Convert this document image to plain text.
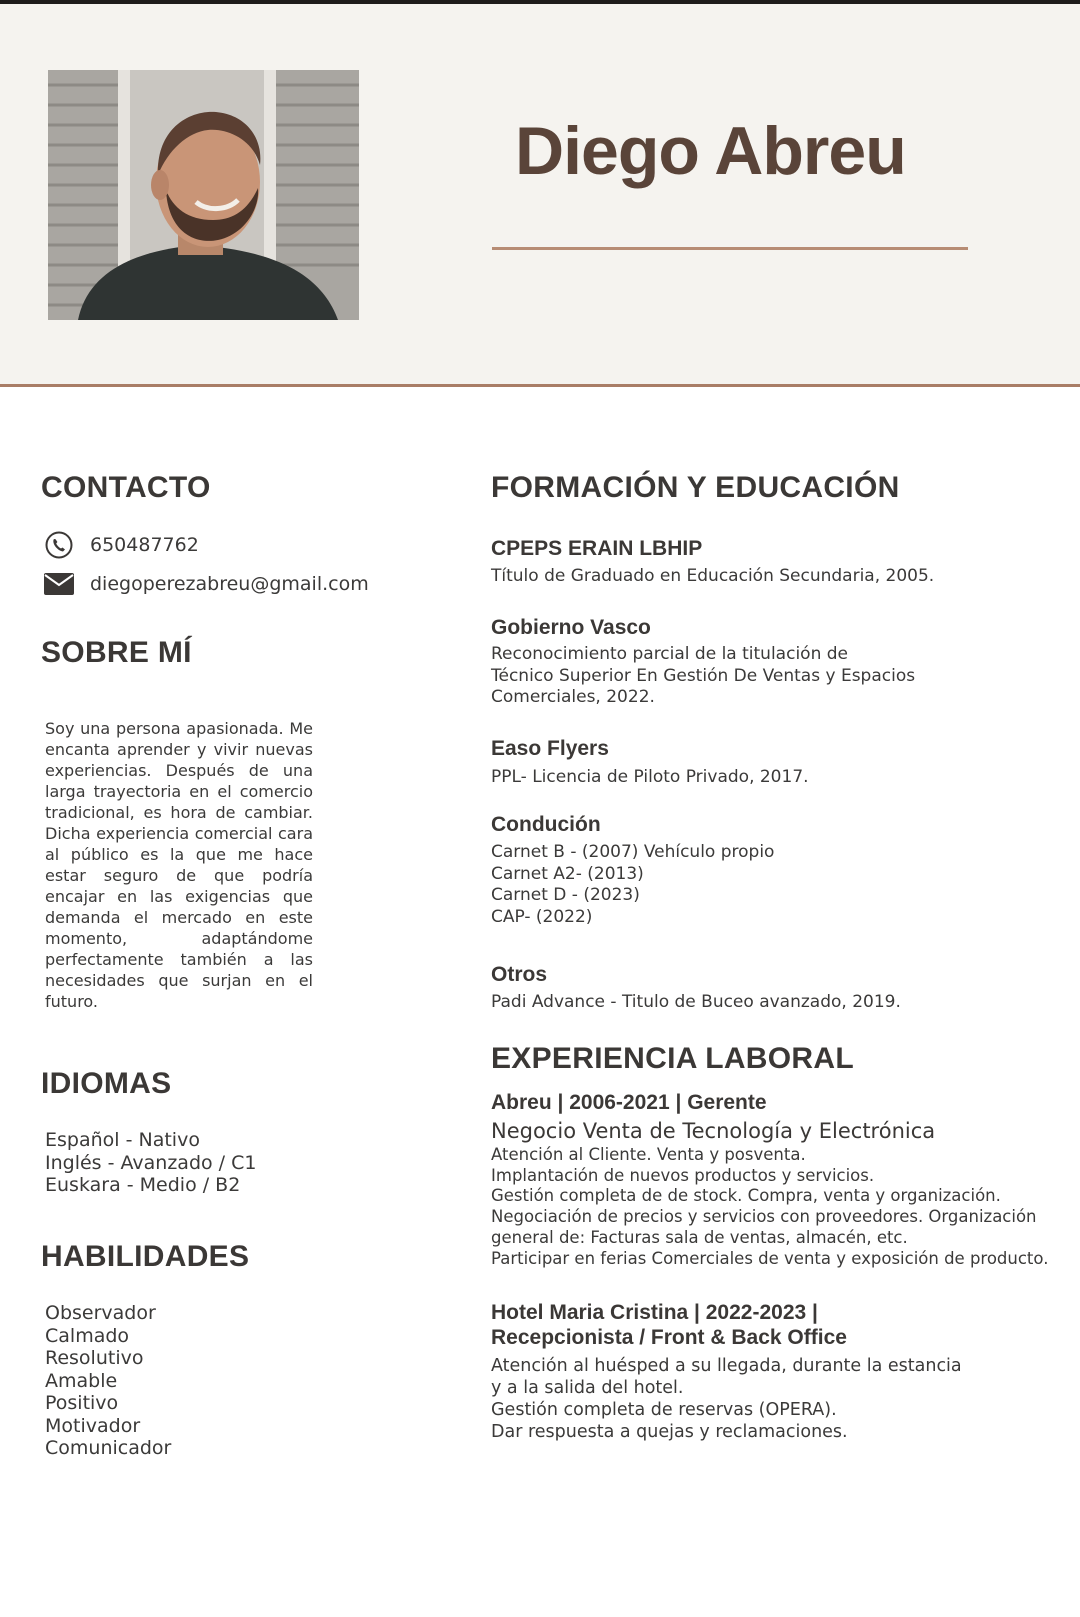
Diego Abreu
CONTACTO
650487762
diegoperezabreu@gmail.com
SOBRE MÍ

Soy una persona apasionada. Me encanta aprender y vivir nuevas experiencias. Después de una larga trayectoria en el comercio tradicional, es hora de cambiar. Dicha experiencia comercial cara al público es la que me hace estar seguro de que podría encajar en las exigencias que demanda el mercado en este momento, adaptándome perfectamente también a las necesidades que surjan en el futuro.

IDIOMAS
Español - Nativo
Inglés - Avanzado / C1
Euskara - Medio / B2
HABILIDADES
Observador
Calmado
Resolutivo
Amable
Positivo
Motivador
Comunicador
FORMACIÓN Y EDUCACIÓN
CPEPS ERAIN LBHIP
Título de Graduado en Educación Secundaria, 2005.
Gobierno Vasco
Reconocimiento parcial de la titulación de
Técnico Superior En Gestión De Ventas y Espacios
Comerciales, 2022.
Easo Flyers
PPL- Licencia de Piloto Privado, 2017.
Condución
Carnet B - (2007) Vehículo propio
Carnet A2- (2013)
Carnet D - (2023)
CAP- (2022)
Otros
Padi Advance - Titulo de Buceo avanzado, 2019.
EXPERIENCIA LABORAL
Abreu | 2006-2021 | Gerente
Negocio Venta de Tecnología y Electrónica
Atención al Cliente. Venta y posventa.
Implantación de nuevos productos y servicios.
Gestión completa de de stock. Compra, venta y organización.
Negociación de precios y servicios con proveedores. Organización
general de: Facturas sala de ventas, almacén, etc.
Participar en ferias Comerciales de venta y exposición de producto.
Hotel Maria Cristina | 2022-2023 |
Recepcionista / Front & Back Office
Atención al huésped a su llegada, durante la estancia
y a la salida del hotel.
Gestión completa de reservas (OPERA).
Dar respuesta a quejas y reclamaciones.
